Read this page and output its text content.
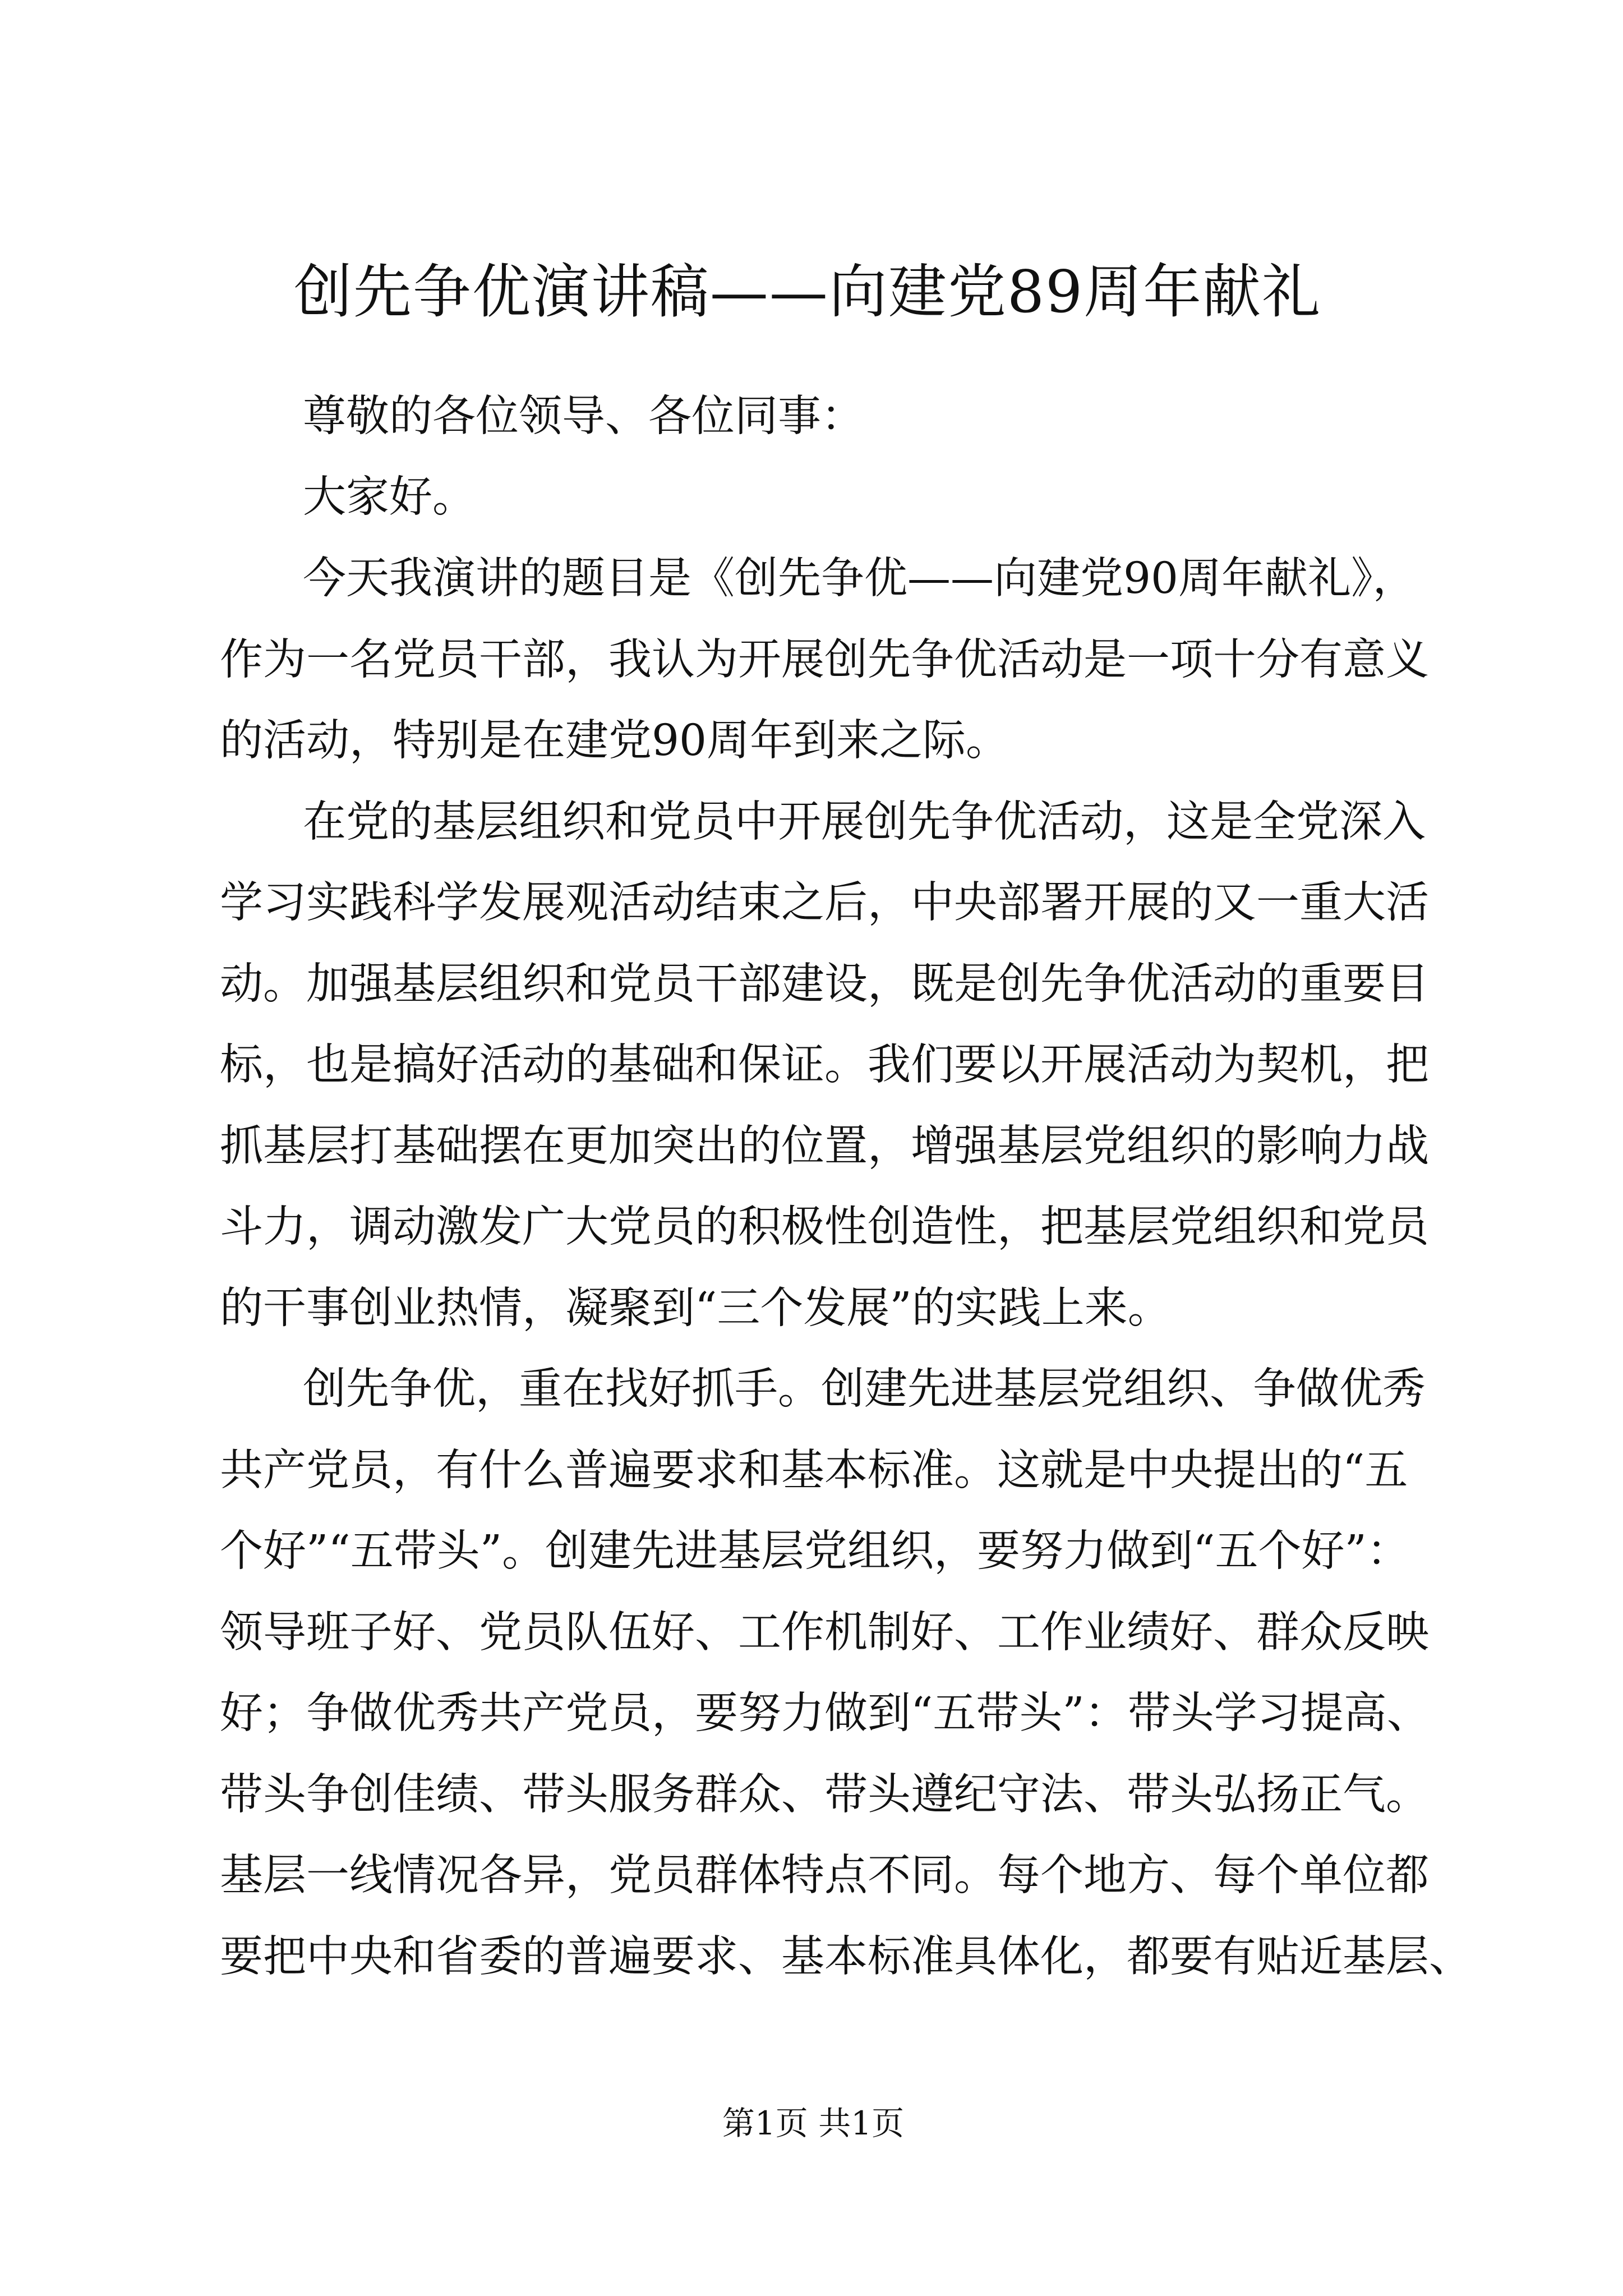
创先争优演讲稿——向建党89周年献礼

尊敬的各位领导、各位同事：

大家好。

今天我演讲的题目是《创先争优——向建党90周年献礼》，

作为一名党员干部，我认为开展创先争优活动是一项十分有意义

的活动，特别是在建党90周年到来之际。

在党的基层组织和党员中开展创先争优活动，这是全党深入

学习实践科学发展观活动结束之后，中央部署开展的又一重大活

动。加强基层组织和党员干部建设，既是创先争优活动的重要目

标，也是搞好活动的基础和保证。我们要以开展活动为契机，把

抓基层打基础摆在更加突出的位置，增强基层党组织的影响力战

斗力，调动激发广大党员的积极性创造性，把基层党组织和党员

的干事创业热情，凝聚到“三个发展”的实践上来。

创先争优，重在找好抓手。创建先进基层党组织、争做优秀

共产党员，有什么普遍要求和基本标准。这就是中央提出的“五

个好”“五带头”。创建先进基层党组织，要努力做到“五个好”：

领导班子好、党员队伍好、工作机制好、工作业绩好、群众反映

好；争做优秀共产党员，要努力做到“五带头”：带头学习提高、

带头争创佳绩、带头服务群众、带头遵纪守法、带头弘扬正气。

基层一线情况各异，党员群体特点不同。每个地方、每个单位都

要把中央和省委的普遍要求、基本标准具体化，都要有贴近基层、

第1页 共1页
